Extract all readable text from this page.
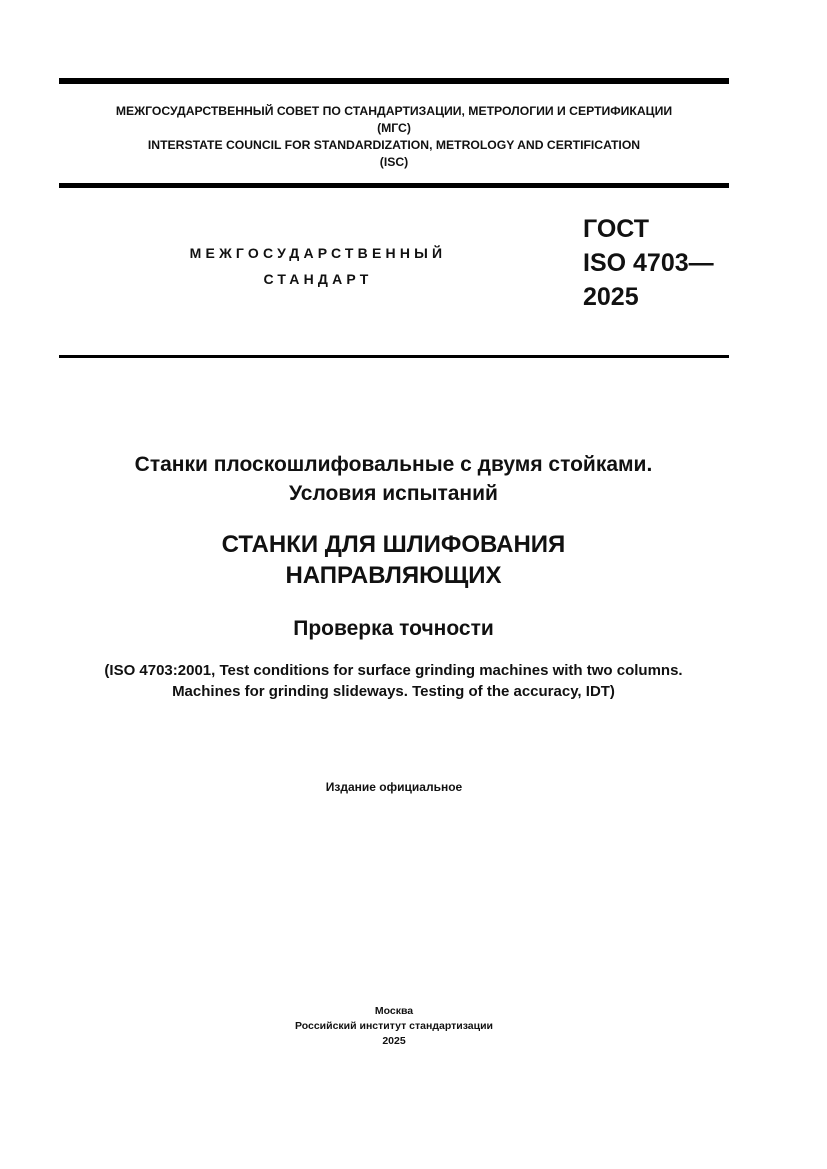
МЕЖГОСУДАРСТВЕННЫЙ СОВЕТ ПО СТАНДАРТИЗАЦИИ, МЕТРОЛОГИИ И СЕРТИФИКАЦИИ
(МГС)
INTERSTATE COUNCIL FOR STANDARDIZATION, METROLOGY AND CERTIFICATION
(ISC)
МЕЖГОСУДАРСТВЕННЫЙ
СТАНДАРТ
ГОСТ
ISO 4703—
2025
Станки плоскошлифовальные с двумя стойками.
Условия испытаний
СТАНКИ ДЛЯ ШЛИФОВАНИЯ
НАПРАВЛЯЮЩИХ
Проверка точности
(ISO 4703:2001, Test conditions for surface grinding machines with two columns.
Machines for grinding slideways. Testing of the accuracy, IDT)
Издание официальное
Москва
Российский институт стандартизации
2025
